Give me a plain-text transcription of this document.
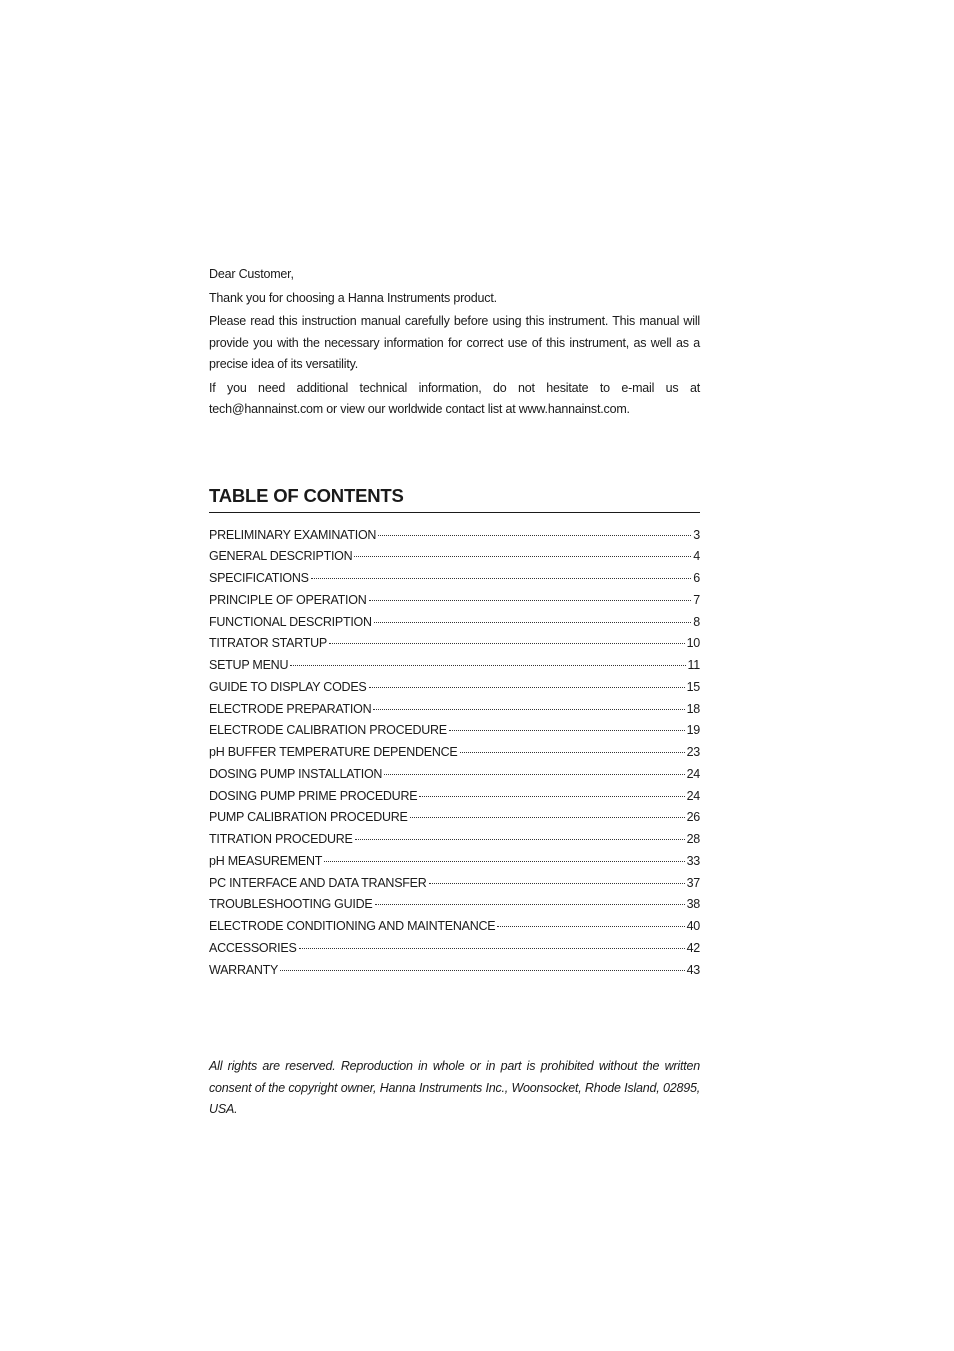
Dear Customer,

Thank you for choosing a Hanna Instruments product.

Please read this instruction manual carefully before using this instrument. This manual will provide you with the necessary information for correct use of this instrument, as well as a precise idea of its versatility.

If you need additional technical information, do not hesitate to e-mail us at tech@hannainst.com or view our worldwide contact list at www.hannainst.com.

TABLE OF CONTENTS
PRELIMINARY EXAMINATION	3
GENERAL DESCRIPTION	4
SPECIFICATIONS	6
PRINCIPLE OF OPERATION	7
FUNCTIONAL DESCRIPTION	8
TITRATOR STARTUP	10
SETUP MENU	11
GUIDE TO DISPLAY CODES	15
ELECTRODE PREPARATION	18
ELECTRODE CALIBRATION PROCEDURE	19
pH BUFFER TEMPERATURE DEPENDENCE	23
DOSING PUMP INSTALLATION	24
DOSING PUMP PRIME PROCEDURE	24
PUMP CALIBRATION PROCEDURE	26
TITRATION PROCEDURE	28
pH MEASUREMENT	33
PC INTERFACE AND DATA TRANSFER	37
TROUBLESHOOTING GUIDE	38
ELECTRODE CONDITIONING AND MAINTENANCE	40
ACCESSORIES	42
WARRANTY	43

All rights are reserved. Reproduction in whole or in part is prohibited without the written consent of the copyright owner, Hanna Instruments Inc., Woonsocket, Rhode Island, 02895, USA.
